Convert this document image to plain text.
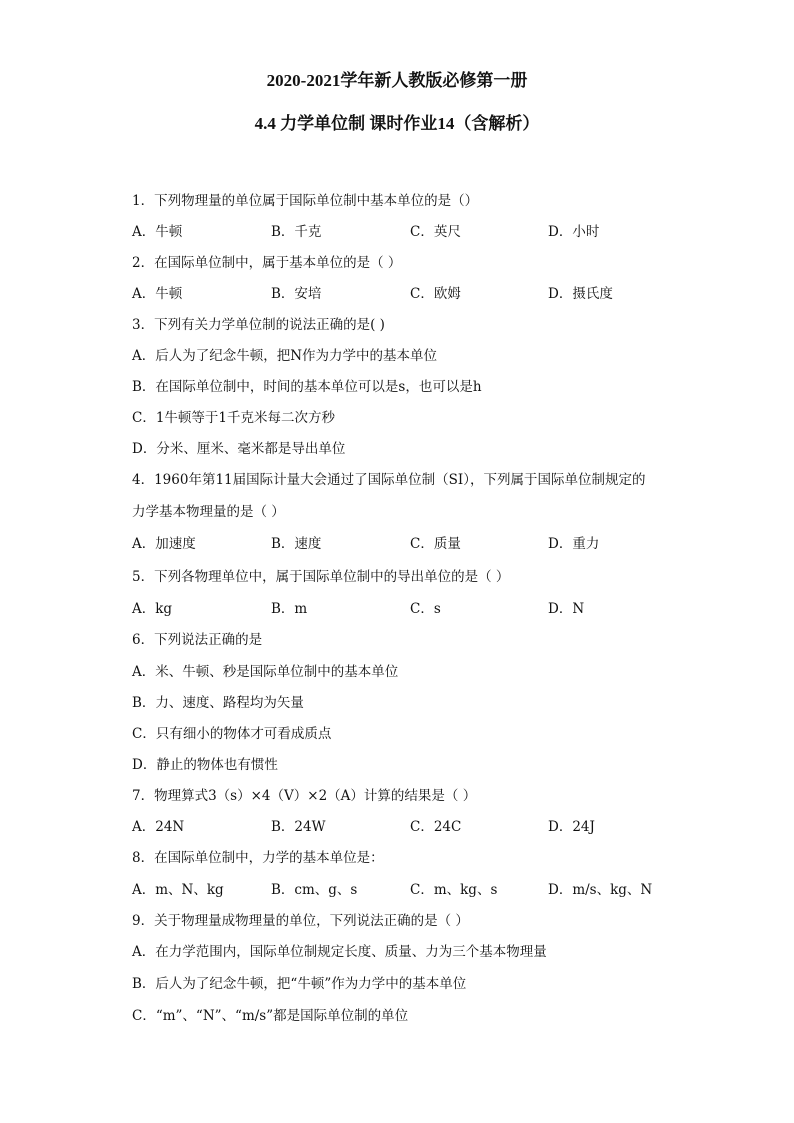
2020-2021学年新人教版必修第一册
4.4 力学单位制 课时作业14（含解析）
1．下列物理量的单位属于国际单位制中基本单位的是（）
A．牛顿	B．千克	C．英尺	D．小时
2．在国际单位制中，属于基本单位的是（ ）
A．牛顿	B．安培	C．欧姆	D．摄氏度
3．下列有关力学单位制的说法正确的是( )
A．后人为了纪念牛顿，把N作为力学中的基本单位
B．在国际单位制中，时间的基本单位可以是s，也可以是h
C．1牛顿等于1千克米每二次方秒
D．分米、厘米、毫米都是导出单位
4．1960年第11届国际计量大会通过了国际单位制（SI），下列属于国际单位制规定的
力学基本物理量的是（ ）
A．加速度	B．速度	C．质量	D．重力
5．下列各物理单位中，属于国际单位制中的导出单位的是（ ）
A．kg	B．m	C．s	D．N
6．下列说法正确的是
A．米、牛顿、秒是国际单位制中的基本单位
B．力、速度、路程均为矢量
C．只有细小的物体才可看成质点
D．静止的物体也有惯性
7．物理算式3（s）×4（V）×2（A）计算的结果是（ ）
A．24N	B．24W	C．24C	D．24J
8．在国际单位制中，力学的基本单位是：
A．m、N、kg	B．cm、g、s	C．m、kg、s	D．m/s、kg、N
9．关于物理量成物理量的单位，下列说法正确的是（ ）
A．在力学范围内，国际单位制规定长度、质量、力为三个基本物理量
B．后人为了纪念牛顿，把“牛顿”作为力学中的基本单位
C．“m”、“N”、“m/s”都是国际单位制的单位
